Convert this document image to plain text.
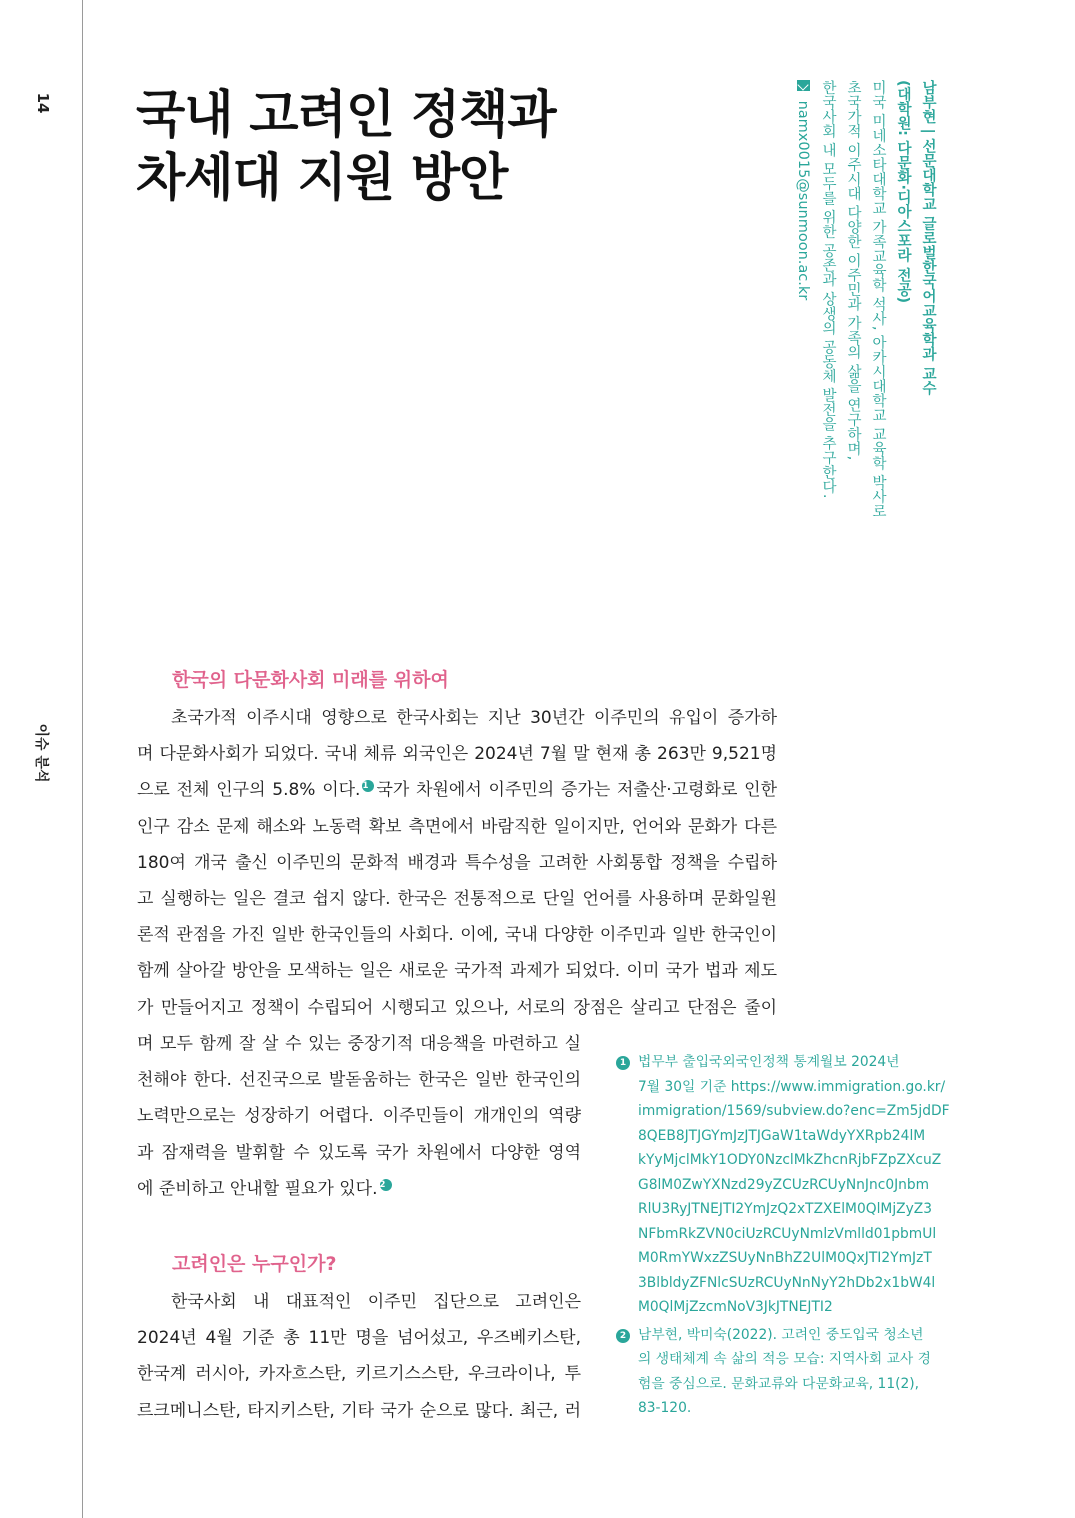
14
이슈 분석
국내 고려인 정책과
차세대 지원 방안	남부현 | 선문대학교 글로벌한국어교육학과 교수
(대학원: 다문화·디아스포라 전공)
미국 미네소타대학교 가족교육학 석사, 아카시대학교 교육학 박사로
초국가적 이주시대 다양한 이주민과 가족의 삶을 연구하며,
한국사회 내 모두를 위한 공존과 상생의 공동체 발전을 추구한다.
namx0015@sunmoon.ac.kr
한국의 다문화사회 미래를 위하여
초국가적 이주시대 영향으로 한국사회는 지난 30년간 이주민의 유입이 증가하
며 다문화사회가 되었다. 국내 체류 외국인은 2024년 7월 말 현재 총 263만 9,521명
으로 전체 인구의 5.8% 이다. 1 국가 차원에서 이주민의 증가는 저출산·고령화로 인한
인구 감소 문제 해소와 노동력 확보 측면에서 바람직한 일이지만, 언어와 문화가 다른
180여 개국 출신 이주민의 문화적 배경과 특수성을 고려한 사회통합 정책을 수립하
고 실행하는 일은 결코 쉽지 않다. 한국은 전통적으로 단일 언어를 사용하며 문화일원
론적 관점을 가진 일반 한국인들의 사회다. 이에, 국내 다양한 이주민과 일반 한국인이
함께 살아갈 방안을 모색하는 일은 새로운 국가적 과제가 되었다. 이미 국가 법과 제도
가 만들어지고 정책이 수립되어 시행되고 있으나, 서로의 장점은 살리고 단점은 줄이
며 모두 함께 잘 살 수 있는 중장기적 대응책을 마련하고 실
천해야 한다. 선진국으로 발돋움하는 한국은 일반 한국인의
노력만으로는 성장하기 어렵다. 이주민들이 개개인의 역량
과 잠재력을 발휘할 수 있도록 국가 차원에서 다양한 영역
에 준비하고 안내할 필요가 있다. 2
고려인은 누구인가?
한국사회 내 대표적인 이주민 집단으로 고려인은
2024년 4월 기준 총 11만 명을 넘어섰고, 우즈베키스탄,
한국계 러시아, 카자흐스탄, 키르기스스탄, 우크라이나, 투
르크메니스탄, 타지키스탄, 기타 국가 순으로 많다. 최근, 러
1 법무부 출입국외국인정책 통계월보 2024년
7월 30일 기준 https://www.immigration.go.kr/
immigration/1569/subview.do?enc=Zm5jdDF
8QEB8JTJGYmJzJTJGaW1taWdyYXRpb24lM
kYyMjclMkY1ODY0NzclMkZhcnRjbFZpZXcuZ
G8lM0ZwYXNzd29yZCUzRCUyNnJnc0Jnbm
RlU3RyJTNEJTI2YmJzQ2xTZXElM0QlMjZyZ3
NFbmRkZVN0ciUzRCUyNmlzVmlld01pbmUl
M0RmYWxzZSUyNnBhZ2UlM0QxJTI2YmJzT
3BlbldyZFNlcSUzRCUyNnNyY2hDb2x1bW4l
M0QlMjZzcmNoV3JkJTNEJTI2
2 남부현, 박미숙(2022). 고려인 중도입국 청소년
의 생태체계 속 삶의 적응 모습: 지역사회 교사 경
험을 중심으로. 문화교류와 다문화교육, 11(2),
83-120.
